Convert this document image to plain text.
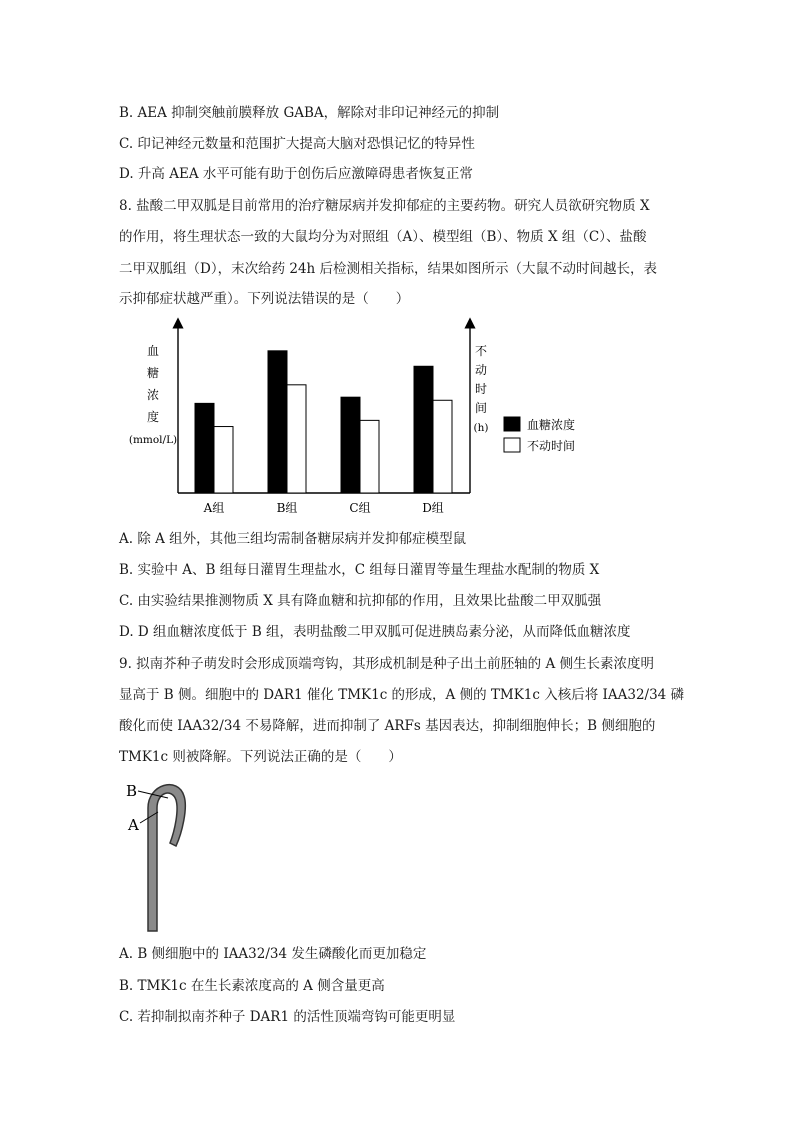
B. AEA 抑制突触前膜释放 GABA，解除对非印记神经元的抑制
C. 印记神经元数量和范围扩大提高大脑对恐惧记忆的特异性
D. 升高 AEA 水平可能有助于创伤后应激障碍患者恢复正常
8. 盐酸二甲双胍是目前常用的治疗糖尿病并发抑郁症的主要药物。研究人员欲研究物质 X
的作用，将生理状态一致的大鼠均分为对照组（A）、模型组（B）、物质 X 组（C）、盐酸
二甲双胍组（D），末次给药 24h 后检测相关指标，结果如图所示（大鼠不动时间越长，表
示抑郁症状越严重）。下列说法错误的是（　　）
A组	B组	C组	D组
血
糖
浓
度
(mmol/L)
不
动
时
间
(h)	血糖浓度
不动时间
A. 除 A 组外，其他三组均需制备糖尿病并发抑郁症模型鼠
B. 实验中 A、B 组每日灌胃生理盐水，C 组每日灌胃等量生理盐水配制的物质 X
C. 由实验结果推测物质 X 具有降血糖和抗抑郁的作用，且效果比盐酸二甲双胍强
D. D 组血糖浓度低于 B 组，表明盐酸二甲双胍可促进胰岛素分泌，从而降低血糖浓度
9. 拟南芥种子萌发时会形成顶端弯钩，其形成机制是种子出土前胚轴的 A 侧生长素浓度明
显高于 B 侧。细胞中的 DAR1 催化 TMK1c 的形成，A 侧的 TMK1c 入核后将 IAA32/34 磷
酸化而使 IAA32/34 不易降解，进而抑制了 ARFs 基因表达，抑制细胞伸长；B 侧细胞的
TMK1c 则被降解。下列说法正确的是（　　）
B
A
A. B 侧细胞中的 IAA32/34 发生磷酸化而更加稳定
B. TMK1c 在生长素浓度高的 A 侧含量更高
C. 若抑制拟南芥种子 DAR1 的活性顶端弯钩可能更明显
